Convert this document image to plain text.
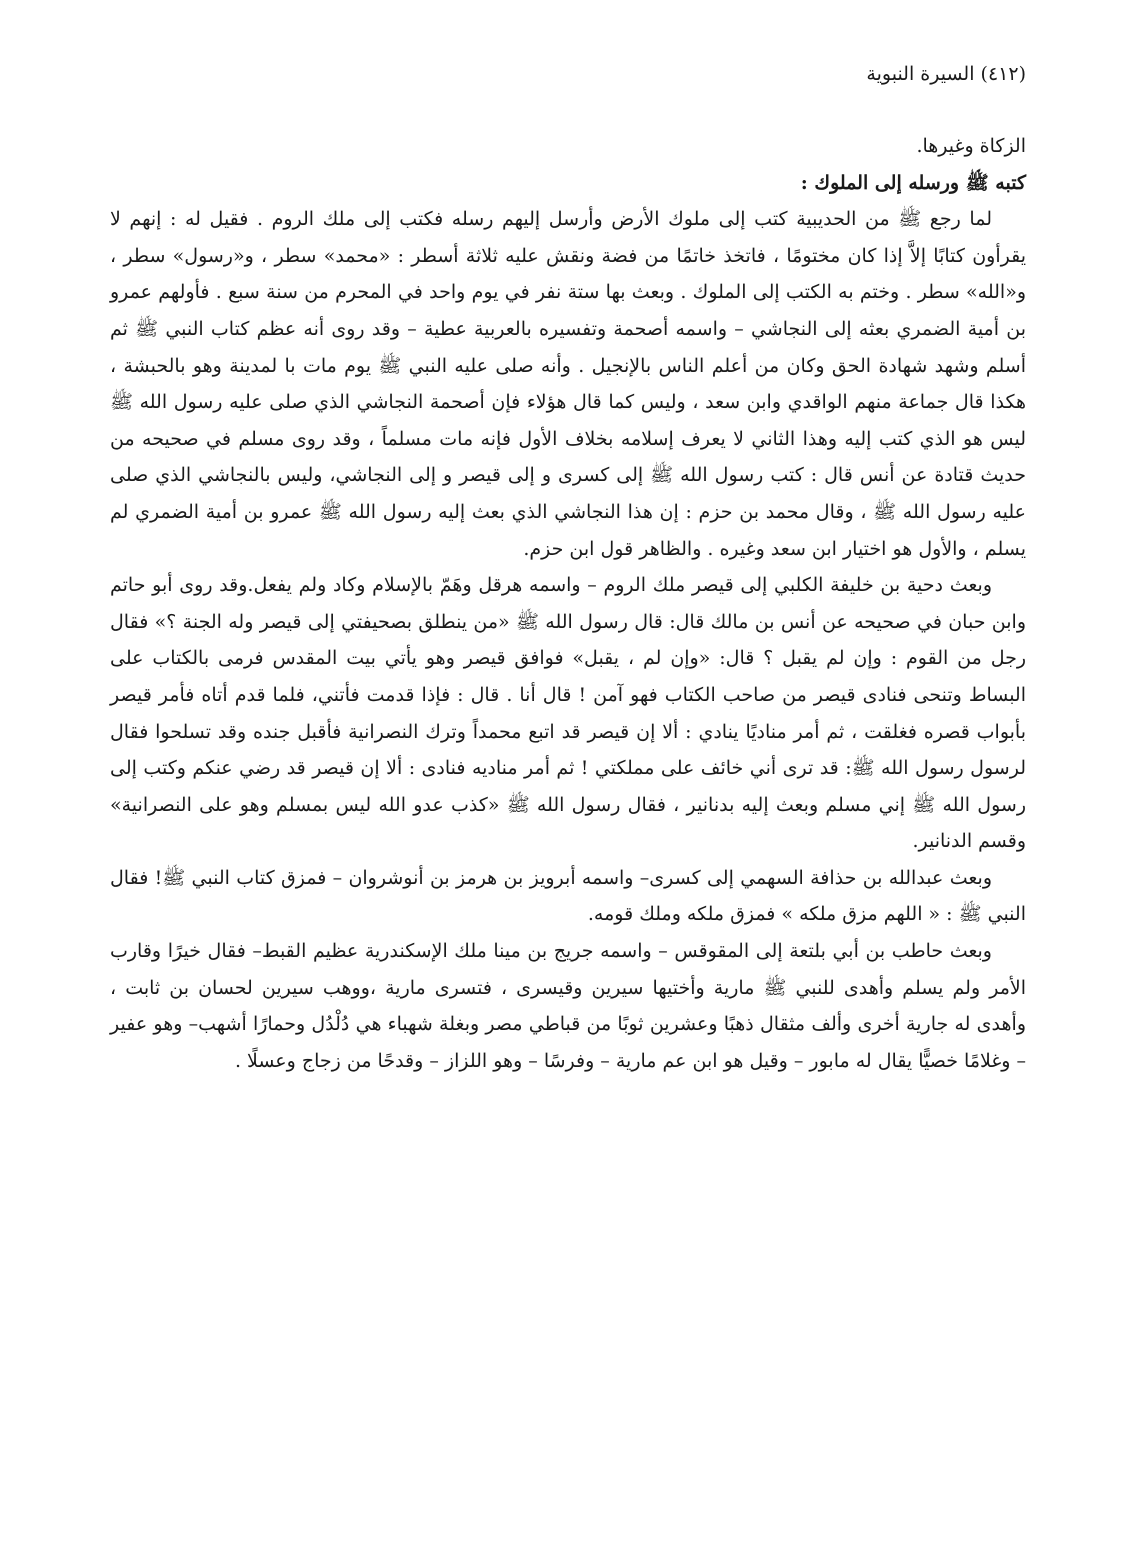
(٤١٢) السيرة النبوية

الزكاة وغيرها.

كتبه ﷺ ورسله إلى الملوك :

لما رجع ﷺ من الحديبية كتب إلى ملوك الأرض وأرسل إليهم رسله فكتب إلى ملك الروم . فقيل له : إنهم لا يقرأون كتابًا إلاَّ إذا كان مختومًا ، فاتخذ خاتمًا من فضة ونقش عليه ثلاثة أسطر : «محمد» سطر ، و«رسول» سطر ، و«الله» سطر . وختم به الكتب إلى الملوك . وبعث بها ستة نفر في يوم واحد في المحرم من سنة سبع . فأولهم عمرو بن أمية الضمري بعثه إلى النجاشي – واسمه أصحمة وتفسيره بالعربية عطية – وقد روى أنه عظم كتاب النبي ﷺ ثم أسلم وشهد شهادة الحق وكان من أعلم الناس بالإنجيل . وأنه صلى عليه النبي ﷺ يوم مات با لمدينة وهو بالحبشة ، هكذا قال جماعة منهم الواقدي وابن سعد ، وليس كما قال هؤلاء فإن أصحمة النجاشي الذي صلى عليه رسول الله ﷺ ليس هو الذي كتب إليه وهذا الثاني لا يعرف إسلامه بخلاف الأول فإنه مات مسلماً ، وقد روى مسلم في صحيحه من حديث قتادة عن أنس قال : كتب رسول الله ﷺ إلى كسرى و إلى قيصر و إلى النجاشي، وليس بالنجاشي الذي صلى عليه رسول الله ﷺ ، وقال محمد بن حزم : إن هذا النجاشي الذي بعث إليه رسول الله ﷺ عمرو بن أمية الضمري لم يسلم ، والأول هو اختيار ابن سعد وغيره . والظاهر قول ابن حزم.

وبعث دحية بن خليفة الكلبي إلى قيصر ملك الروم – واسمه هرقل وهَمّ بالإسلام وكاد ولم يفعل.وقد روى أبو حاتم وابن حبان في صحيحه عن أنس بن مالك قال: قال رسول الله ﷺ «من ينطلق بصحيفتي إلى قيصر وله الجنة ؟» فقال رجل من القوم : وإن لم يقبل ؟ قال: «وإن لم ، يقبل» فوافق قيصر وهو يأتي بيت المقدس فرمى بالكتاب على البساط وتنحى فنادى قيصر من صاحب الكتاب فهو آمن ! قال أنا . قال : فإذا قدمت فأتني، فلما قدم أتاه فأمر قيصر بأبواب قصره فغلقت ، ثم أمر مناديًا ينادي : ألا إن قيصر قد اتبع محمداً وترك النصرانية فأقبل جنده وقد تسلحوا فقال لرسول رسول الله ﷺ: قد ترى أني خائف على مملكتي ! ثم أمر مناديه فنادى : ألا إن قيصر قد رضي عنكم وكتب إلى رسول الله ﷺ إني مسلم وبعث إليه بدنانير ، فقال رسول الله ﷺ «كذب عدو الله ليس بمسلم وهو على النصرانية» وقسم الدنانير.

وبعث عبدالله بن حذافة السهمي إلى كسرى– واسمه أبرويز بن هرمز بن أنوشروان – فمزق كتاب النبي ﷺ! فقال النبي ﷺ : « اللهم مزق ملكه » فمزق ملكه وملك قومه.

وبعث حاطب بن أبي بلتعة إلى المقوقس – واسمه جريج بن مينا ملك الإسكندرية عظيم القبط– فقال خيرًا وقارب الأمر ولم يسلم وأهدى للنبي ﷺ مارية وأختيها سيرين وقيسرى ، فتسرى مارية ،ووهب سيرين لحسان بن ثابت ، وأهدى له جارية أخرى وألف مثقال ذهبًا وعشرين ثوبًا من قباطي مصر وبغلة شهباء هي دُلْدُل وحمارًا أشهب– وهو عفير – وغلامًا خصيًّا يقال له مابور – وقيل هو ابن عم مارية – وفرسًا – وهو اللزاز – وقدحًا من زجاج وعسلًا .
